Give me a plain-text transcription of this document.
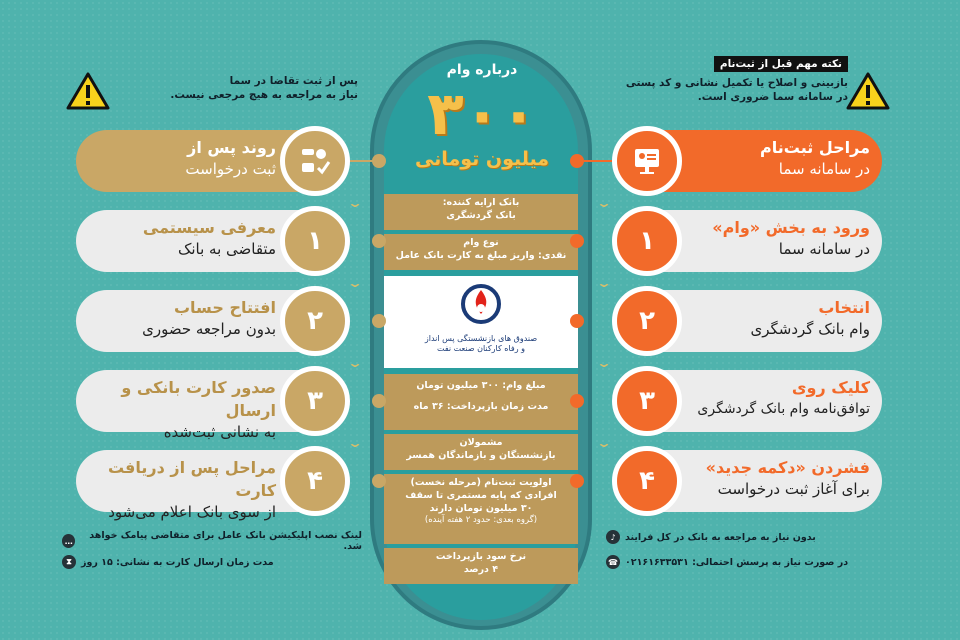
پس از ثبت تقاضا در سما
نیاز به مراجعه به هیچ مرجعی نیست.
نکته مهم قبل از ثبت‌نام
بازبینی و اصلاح یا تکمیل نشانی و کد پستی
در سامانه سما ضروری است.
درباره وام
۳۰۰
میلیون تومانی
بانک ارایه کننده:
بانک گردشگری
نوع وام
نقدی: واریز مبلغ به کارت بانک عامل
صندوق های بازنشستگی پس انداز
و رفاه کارکنان صنعت نفت
مبلغ وام: ۳۰۰ میلیون تومان
مدت زمان بازپرداخت: ۳۶ ماه
مشمولان
بازنشستگان و بازماندگان همسر
اولویت ثبت‌نام (مرحله نخست)
افرادی که پایه مستمری تا سقف
۳۰ میلیون تومان دارند
(گروه بعدی: حدود ۲ هفته آینده)
نرخ سود بازپرداخت
۴ درصد
مراحل ثبت‌نام
در سامانه سما
ورود به بخش «وام»
در سامانه سما
۱
انتخاب
وام بانک گردشگری
۲
کلیک روی
توافق‌نامه وام بانک گردشگری
۳
فشردن «دکمه جدید»
برای آغاز ثبت درخواست
۴
⌄
⌄
⌄
⌄
روند پس از
ثبت درخواست
معرفی سیستمی
متقاضی به بانک	۱
افتتاح حساب
بدون مراجعه حضوری	۲
صدور کارت بانکی و ارسال
به نشانی ثبت‌شده
۳
مراحل پس از دریافت کارت
از سوی بانک اعلام می‌شود
۴
⌄
⌄
⌄
⌄
…	لینک نصب اپلیکیشن بانک عامل برای متقاضی پیامک خواهد شد.
⧗ مدت زمان ارسال کارت به نشانی: ۱۵ روز
♪ بدون نیاز به مراجعه به بانک در کل فرایند
☎ در صورت نیاز به پرسش احتمالی: ۰۲۱۶۱۶۳۳۵۳۱
